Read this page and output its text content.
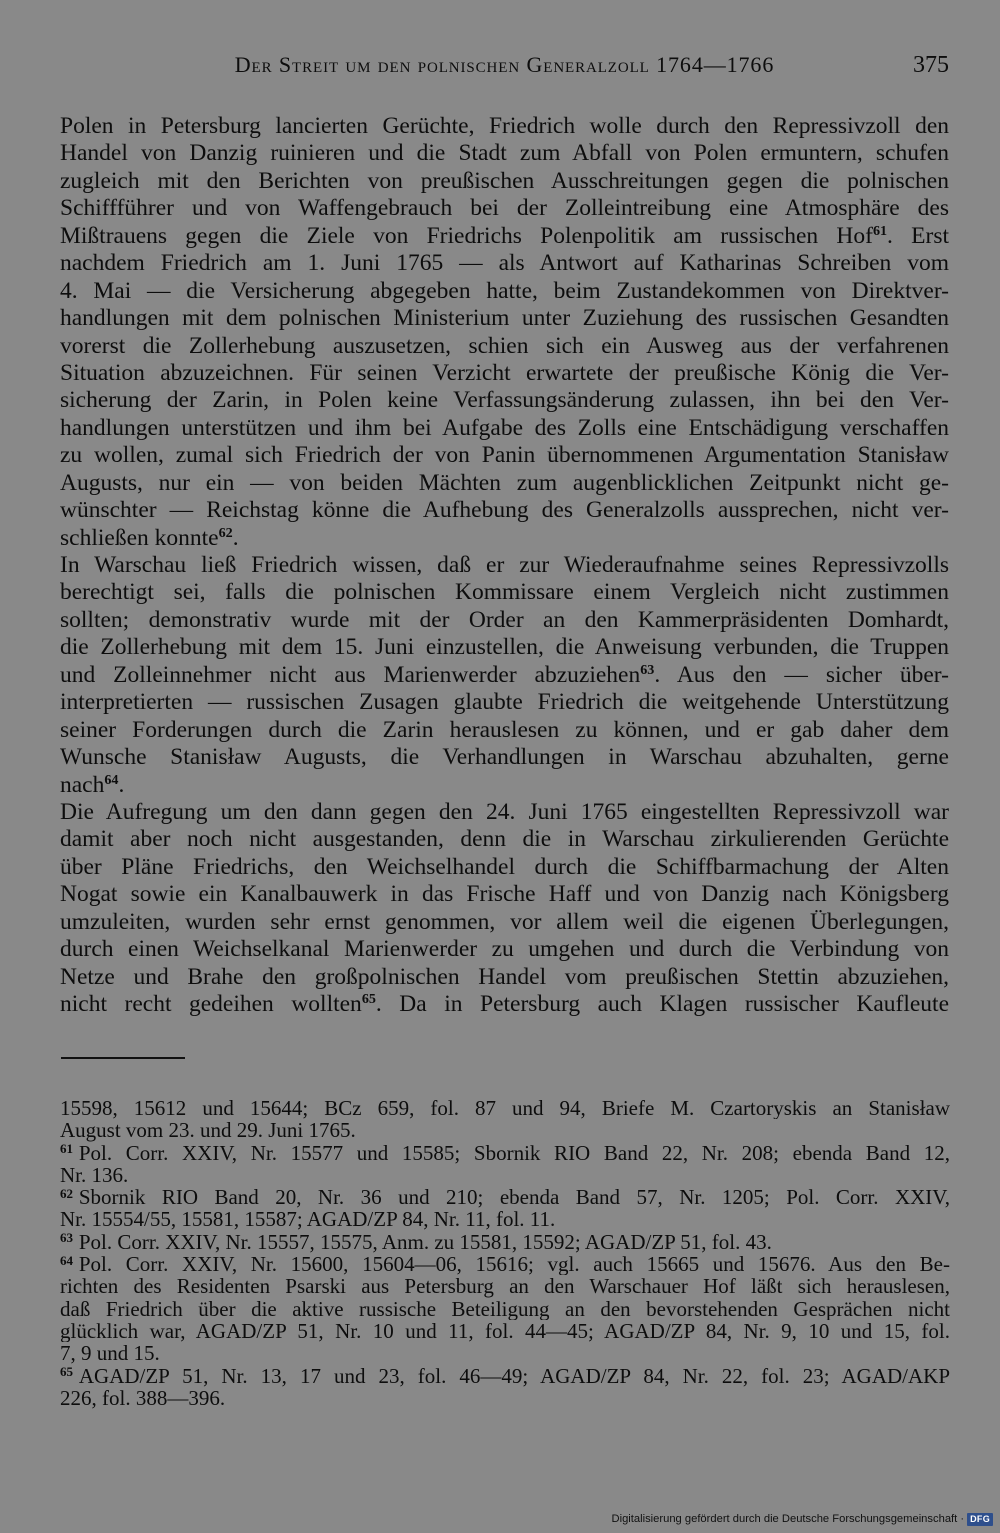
Der Streit um den polnischen Generalzoll 1764—1766	375
Polen in Petersburg lancierten Gerüchte, Friedrich wolle durch den Repressivzoll den
Handel von Danzig ruinieren und die Stadt zum Abfall von Polen ermuntern, schufen
zugleich mit den Berichten von preußischen Ausschreitungen gegen die polnischen
Schiffführer und von Waffengebrauch bei der Zolleintreibung eine Atmosphäre des
Mißtrauens gegen die Ziele von Friedrichs Polenpolitik am russischen Hof$^{61}$. Erst
nachdem Friedrich am 1. Juni 1765 — als Antwort auf Katharinas Schreiben vom
4. Mai — die Versicherung abgegeben hatte, beim Zustandekommen von Direktver-
handlungen mit dem polnischen Ministerium unter Zuziehung des russischen Gesandten
vorerst die Zollerhebung auszusetzen, schien sich ein Ausweg aus der verfahrenen
Situation abzuzeichnen. Für seinen Verzicht erwartete der preußische König die Ver-
sicherung der Zarin, in Polen keine Verfassungsänderung zulassen, ihn bei den Ver-
handlungen unterstützen und ihm bei Aufgabe des Zolls eine Entschädigung verschaffen
zu wollen, zumal sich Friedrich der von Panin übernommenen Argumentation Stanisław
Augusts, nur ein — von beiden Mächten zum augenblicklichen Zeitpunkt nicht ge-
wünschter — Reichstag könne die Aufhebung des Generalzolls aussprechen, nicht ver-
schließen konnte$^{62}$.
In Warschau ließ Friedrich wissen, daß er zur Wiederaufnahme seines Repressivzolls
berechtigt sei, falls die polnischen Kommissare einem Vergleich nicht zustimmen
sollten; demonstrativ wurde mit der Order an den Kammerpräsidenten Domhardt,
die Zollerhebung mit dem 15. Juni einzustellen, die Anweisung verbunden, die Truppen
und Zolleinnehmer nicht aus Marienwerder abzuziehen$^{63}$. Aus den — sicher über-
interpretierten — russischen Zusagen glaubte Friedrich die weitgehende Unterstützung
seiner Forderungen durch die Zarin herauslesen zu können, und er gab daher dem
Wunsche Stanisław Augusts, die Verhandlungen in Warschau abzuhalten, gerne
nach$^{64}$.
Die Aufregung um den dann gegen den 24. Juni 1765 eingestellten Repressivzoll war
damit aber noch nicht ausgestanden, denn die in Warschau zirkulierenden Gerüchte
über Pläne Friedrichs, den Weichselhandel durch die Schiffbarmachung der Alten
Nogat sowie ein Kanalbauwerk in das Frische Haff und von Danzig nach Königsberg
umzuleiten, wurden sehr ernst genommen, vor allem weil die eigenen Überlegungen,
durch einen Weichselkanal Marienwerder zu umgehen und durch die Verbindung von
Netze und Brahe den großpolnischen Handel vom preußischen Stettin abzuziehen,
nicht recht gedeihen wollten$^{65}$. Da in Petersburg auch Klagen russischer Kaufleute
15598, 15612 und 15644; BCz 659, fol. 87 und 94, Briefe M. Czartoryskis an Stanisław
August vom 23. und 29. Juni 1765.
$^{61}$ Pol. Corr. XXIV, Nr. 15577 und 15585; Sbornik RIO Band 22, Nr. 208; ebenda Band 12,
Nr. 136.
$^{62}$ Sbornik RIO Band 20, Nr. 36 und 210; ebenda Band 57, Nr. 1205; Pol. Corr. XXIV,
Nr. 15554/55, 15581, 15587; AGAD/ZP 84, Nr. 11, fol. 11.
$^{63}$ Pol. Corr. XXIV, Nr. 15557, 15575, Anm. zu 15581, 15592; AGAD/ZP 51, fol. 43.
$^{64}$ Pol. Corr. XXIV, Nr. 15600, 15604—06, 15616; vgl. auch 15665 und 15676. Aus den Be-
richten des Residenten Psarski aus Petersburg an den Warschauer Hof läßt sich herauslesen,
daß Friedrich über die aktive russische Beteiligung an den bevorstehenden Gesprächen nicht
glücklich war, AGAD/ZP 51, Nr. 10 und 11, fol. 44—45; AGAD/ZP 84, Nr. 9, 10 und 15, fol.
7, 9 und 15.
$^{65}$ AGAD/ZP 51, Nr. 13, 17 und 23, fol. 46—49; AGAD/ZP 84, Nr. 22, fol. 23; AGAD/AKP
226, fol. 388—396.
Digitalisierung gefördert durch die Deutsche Forschungsgemeinschaft · DFG
